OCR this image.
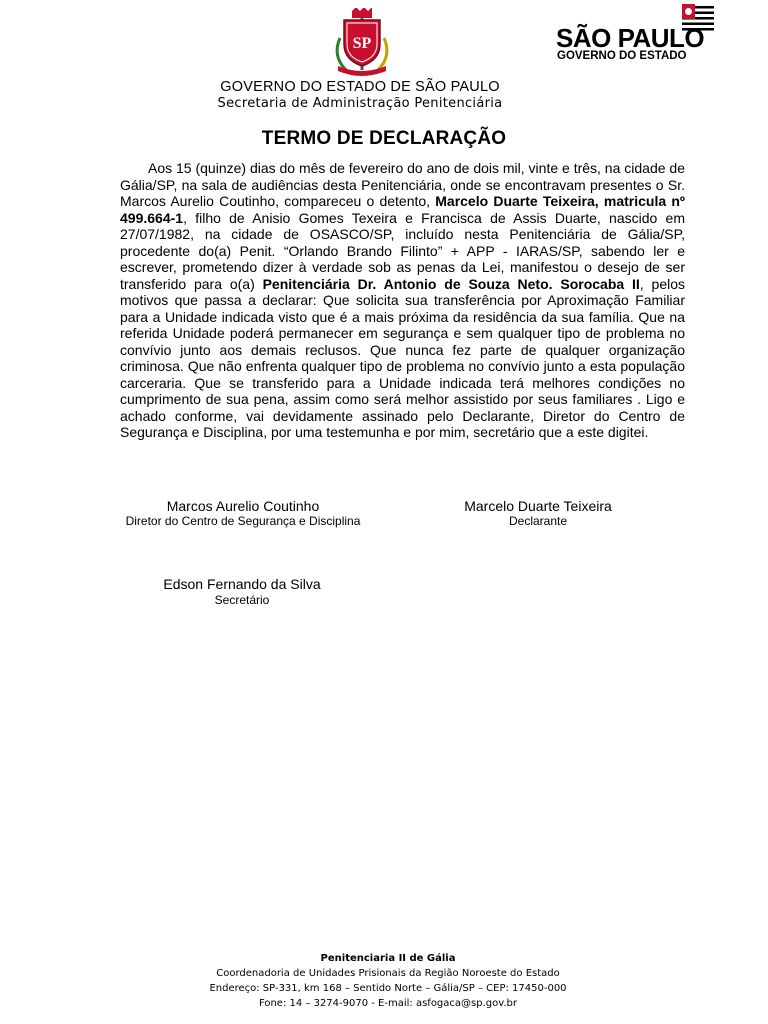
SP	SÃO PAULO
GOVERNO DO ESTADO
GOVERNO DO ESTADO DE SÃO PAULO
Secretaria de Administração Penitenciária
TERMO DE DECLARAÇÃO
Aos 15 (quinze) dias do mês de fevereiro do ano de dois mil, vinte e três, na cidade de Gália/SP, na sala de audiências desta Penitenciária, onde se encontravam presentes o Sr. Marcos Aurelio Coutinho, compareceu o detento, Marcelo Duarte Teixeira, matricula nº 499.664-1, filho de Anisio Gomes Texeira e Francisca de Assis Duarte, nascido em 27/07/1982, na cidade de OSASCO/SP, incluído nesta Penitenciária de Gália/SP, procedente do(a) Penit. “Orlando Brando Filinto” + APP - IARAS/SP, sabendo ler e escrever, prometendo dizer à verdade sob as penas da Lei, manifestou o desejo de ser transferido para o(a) Penitenciária Dr. Antonio de Souza Neto. Sorocaba II, pelos motivos que passa a declarar: Que solicita sua transferência por Aproximação Familiar para a Unidade indicada visto que é a mais próxima da residência da sua família. Que na referida Unidade poderá permanecer em segurança e sem qualquer tipo de problema no convívio junto aos demais reclusos. Que nunca fez parte de qualquer organização criminosa. Que não enfrenta qualquer tipo de problema no convívio junto a esta população carceraria. Que se transferido para a Unidade indicada terá melhores condições no cumprimento de sua pena, assim como será melhor assistido por seus familiares . Ligo e achado conforme, vai devidamente assinado pelo Declarante, Diretor do Centro de Segurança e Disciplina, por uma testemunha e por mim, secretário que a este digitei.
Marcos Aurelio Coutinho
Diretor do Centro de Segurança e Disciplina
Marcelo Duarte Teixeira
Declarante
Edson Fernando da Silva
Secretário
Penitenciaria II de Gália
Coordenadoria de Unidades Prisionais da Região Noroeste do Estado
Endereço: SP-331, km 168 – Sentido Norte – Gália/SP – CEP: 17450-000
Fone: 14 – 3274-9070 - E-mail: asfogaca@sp.gov.br
